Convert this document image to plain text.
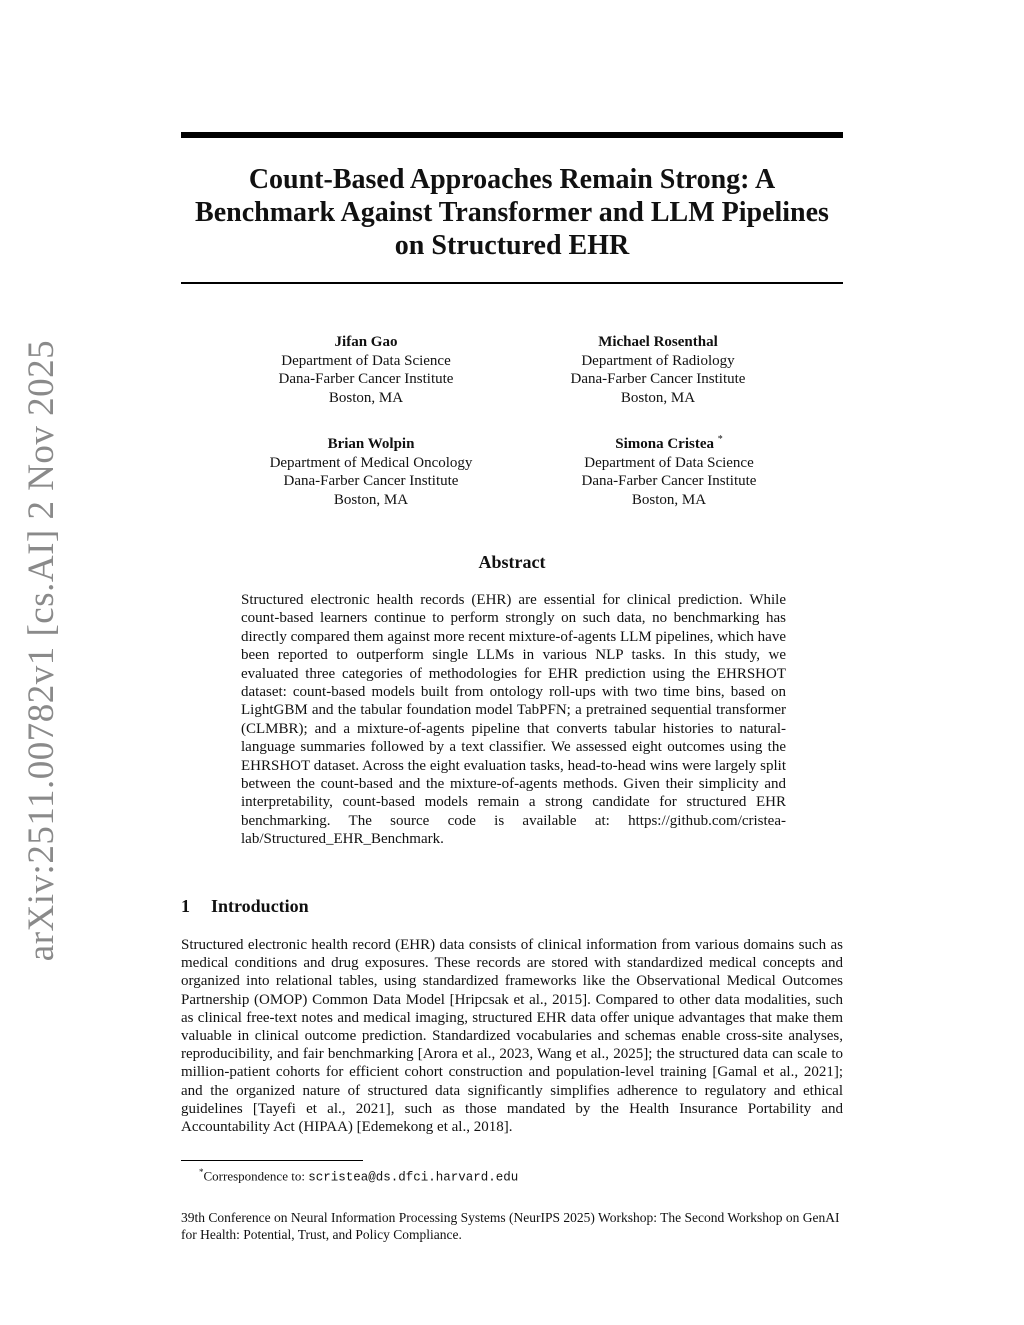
arXiv:2511.00782v1 [cs.AI] 2 Nov 2025
Count-Based Approaches Remain Strong: A Benchmark Against Transformer and LLM Pipelines on Structured EHR
Jifan Gao
Department of Data Science
Dana-Farber Cancer Institute
Boston, MA
Michael Rosenthal
Department of Radiology
Dana-Farber Cancer Institute
Boston, MA
Brian Wolpin
Department of Medical Oncology
Dana-Farber Cancer Institute
Boston, MA
Simona Cristea *
Department of Data Science
Dana-Farber Cancer Institute
Boston, MA
Abstract

Structured electronic health records (EHR) are essential for clinical prediction. While count-based learners continue to perform strongly on such data, no benchmarking has directly compared them against more recent mixture-of-agents LLM pipelines, which have been reported to outperform single LLMs in various NLP tasks. In this study, we evaluated three categories of methodologies for EHR prediction using the EHRSHOT dataset: count-based models built from ontology roll-ups with two time bins, based on LightGBM and the tabular foundation model TabPFN; a pretrained sequential transformer (CLMBR); and a mixture-of-agents pipeline that converts tabular histories to natural-language summaries followed by a text classifier. We assessed eight outcomes using the EHRSHOT dataset. Across the eight evaluation tasks, head-to-head wins were largely split between the count-based and the mixture-of-agents methods. Given their simplicity and interpretability, count-based models remain a strong candidate for structured EHR benchmarking. The source code is available at: https://github.com/cristea-lab/Structured_EHR_Benchmark.

1 Introduction

Structured electronic health record (EHR) data consists of clinical information from various domains such as medical conditions and drug exposures. These records are stored with standardized medical concepts and organized into relational tables, using standardized frameworks like the Observational Medical Outcomes Partnership (OMOP) Common Data Model [Hripcsak et al., 2015]. Compared to other data modalities, such as clinical free-text notes and medical imaging, structured EHR data offer unique advantages that make them valuable in clinical outcome prediction. Standardized vocabularies and schemas enable cross-site analyses, reproducibility, and fair benchmarking [Arora et al., 2023, Wang et al., 2025]; the structured data can scale to million-patient cohorts for efficient cohort construction and population-level training [Gamal et al., 2021]; and the organized nature of structured data significantly simplifies adherence to regulatory and ethical guidelines [Tayefi et al., 2021], such as those mandated by the Health Insurance Portability and Accountability Act (HIPAA) [Edemekong et al., 2018].

*Correspondence to: scristea@ds.dfci.harvard.edu

39th Conference on Neural Information Processing Systems (NeurIPS 2025) Workshop: The Second Workshop on GenAI for Health: Potential, Trust, and Policy Compliance.
